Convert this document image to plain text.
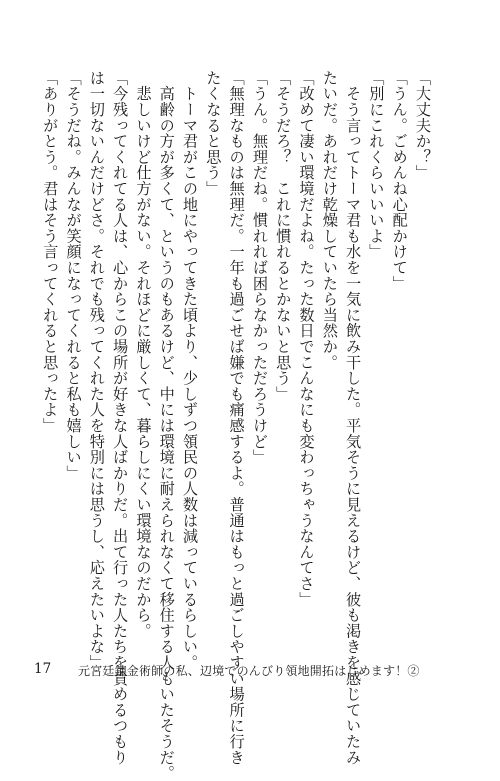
「大丈夫か？」

「うん。ごめんね心配かけて」

「別にこれくらいいいよ」

　そう言ってトーマ君も水を一気に飲み干した。平気そうに見えるけど、彼も渇きを感じていたみ

たいだ。あれだけ乾燥していたら当然か。

「改めて凄い環境だよね。たった数日でこんなにも変わっちゃうなんてさ」

「そうだろ？　これに慣れるとかないと思う」

「うん。無理だね。慣れれば困らなかっただろうけど」

「無理なものは無理だ。一年も過ごせば嫌でも痛感するよ。普通はもっと過ごしやすい場所に行き

たくなると思う」

　トーマ君がこの地にやってきた頃より、少しずつ領民の人数は減っているらしい。

　高齢の方が多くて、というのもあるけど、中には環境に耐えられなくて移住する人もいたそうだ。

　悲しいけど仕方がない。それほどに厳しくて、暮らしにくい環境なのだから。

「今残ってくれてる人は、心からこの場所が好きな人ばかりだ。出て行った人たちを責めるつもり

は一切ないんだけどさ。それでも残ってくれた人を特別には思うし、応えたいよな」

「そうだね。みんなが笑顔になってくれると私も嬉しい」

「ありがとう。君はそう言ってくれると思ったよ」

17 元宮廷錬金術師の私、辺境でのんびり領地開拓はじめます！②
